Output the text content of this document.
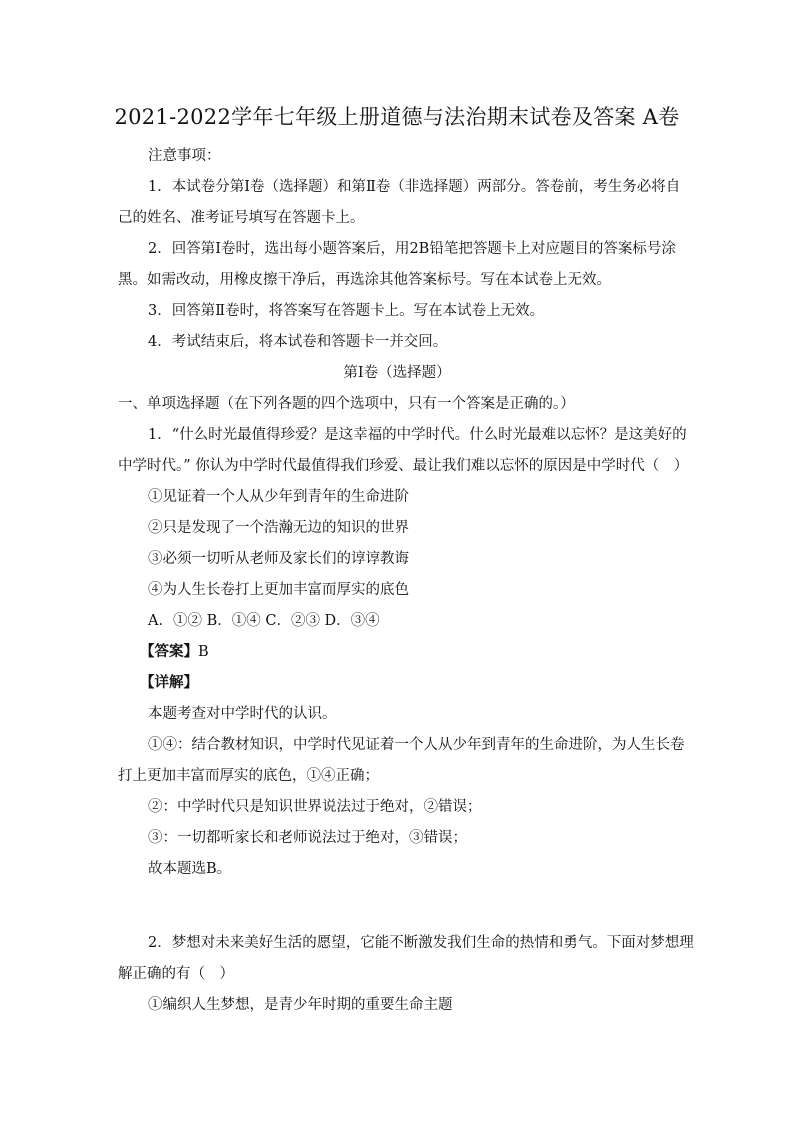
2021-2022学年七年级上册道德与法治期末试卷及答案 A卷
注意事项：
1．本试卷分第Ⅰ卷（选择题）和第Ⅱ卷（非选择题）两部分。答卷前，考生务必将自
己的姓名、准考证号填写在答题卡上。
2．回答第Ⅰ卷时，选出每小题答案后，用2B铅笔把答题卡上对应题目的答案标号涂
黑。如需改动，用橡皮擦干净后，再选涂其他答案标号。写在本试卷上无效。
3．回答第Ⅱ卷时，将答案写在答题卡上。写在本试卷上无效。
4．考试结束后，将本试卷和答题卡一并交回。
第Ⅰ卷（选择题）
一、单项选择题（在下列各题的四个选项中，只有一个答案是正确的。）
1．“什么时光最值得珍爱？是这幸福的中学时代。什么时光最难以忘怀？是这美好的
中学时代。” 你认为中学时代最值得我们珍爱、最让我们难以忘怀的原因是中学时代（　）
①见证着一个人从少年到青年的生命进阶
②只是发现了一个浩瀚无边的知识的世界
③必须一切听从老师及家长们的谆谆教诲
④为人生长卷打上更加丰富而厚实的底色
A．①② B．①④ C．②③ D．③④
【答案】B
【详解】
本题考查对中学时代的认识。
①④：结合教材知识，中学时代见证着一个人从少年到青年的生命进阶，为人生长卷
打上更加丰富而厚实的底色，①④正确；
②：中学时代只是知识世界说法过于绝对，②错误；
③：一切都听家长和老师说法过于绝对，③错误；
故本题选B。
2．梦想对未来美好生活的愿望，它能不断激发我们生命的热情和勇气。下面对梦想理
解正确的有（　）
①编织人生梦想，是青少年时期的重要生命主题
